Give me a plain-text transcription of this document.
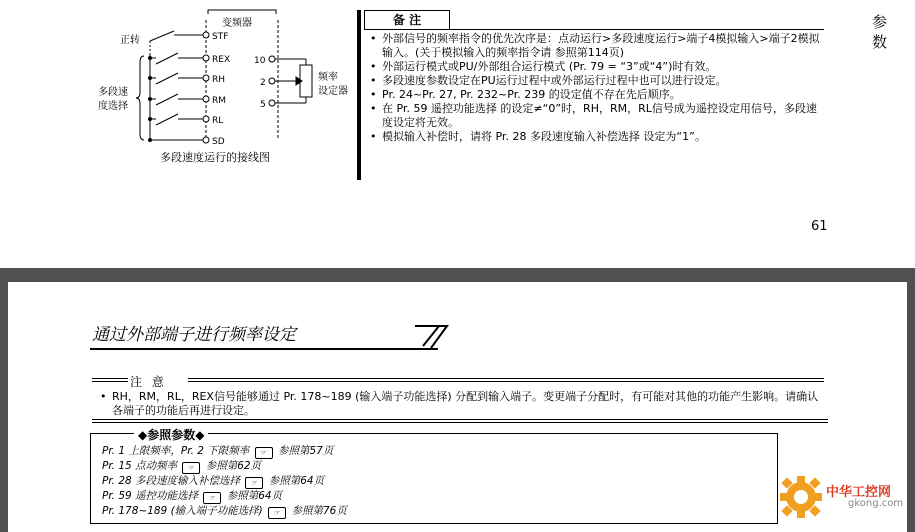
变频器
STF
REX
RH
RM
RL
SD
正转
多段速
度选择
10
2
5
频率
设定器
多段速度运行的接线图
备 注
• 外部信号的频率指令的优先次序是：点动运行>多段速度运行>端子4模拟输入>端子2模拟输入。(关于模拟输入的频率指令请 参照第114页)
• 外部运行模式或PU/外部组合运行模式 (Pr. 79 = “3”或“4”)时有效。
• 多段速度参数设定在PU运行过程中或外部运行过程中也可以进行设定。
• Pr. 24~Pr. 27, Pr. 232~Pr. 239 的设定值不存在先后顺序。
• 在 Pr. 59 遥控功能选择 的设定≠“0”时，RH，RM，RL信号成为遥控设定用信号，多段速度设定将无效。
• 模拟输入补偿时，请将 Pr. 28 多段速度输入补偿选择 设定为“1”。
参
数
61
通过外部端子进行频率设定
注 意
• RH，RM，RL，REX信号能够通过 Pr. 178~189 (输入端子功能选择) 分配到输入端子。变更端子分配时，有可能对其他的功能产生影响。请确认各端子的功能后再进行设定。
◆参照参数◆
Pr. 1 上限频率，Pr. 2 下限频率 ☞ 参照第57页
Pr. 15 点动频率 ☞ 参照第62页
Pr. 28 多段速度输入补偿选择 ☞ 参照第64页
Pr. 59 遥控功能选择 ☞ 参照第64页
Pr. 178~189 (输入端子功能选择) ☞ 参照第76页
中华工控网
gkong.com
